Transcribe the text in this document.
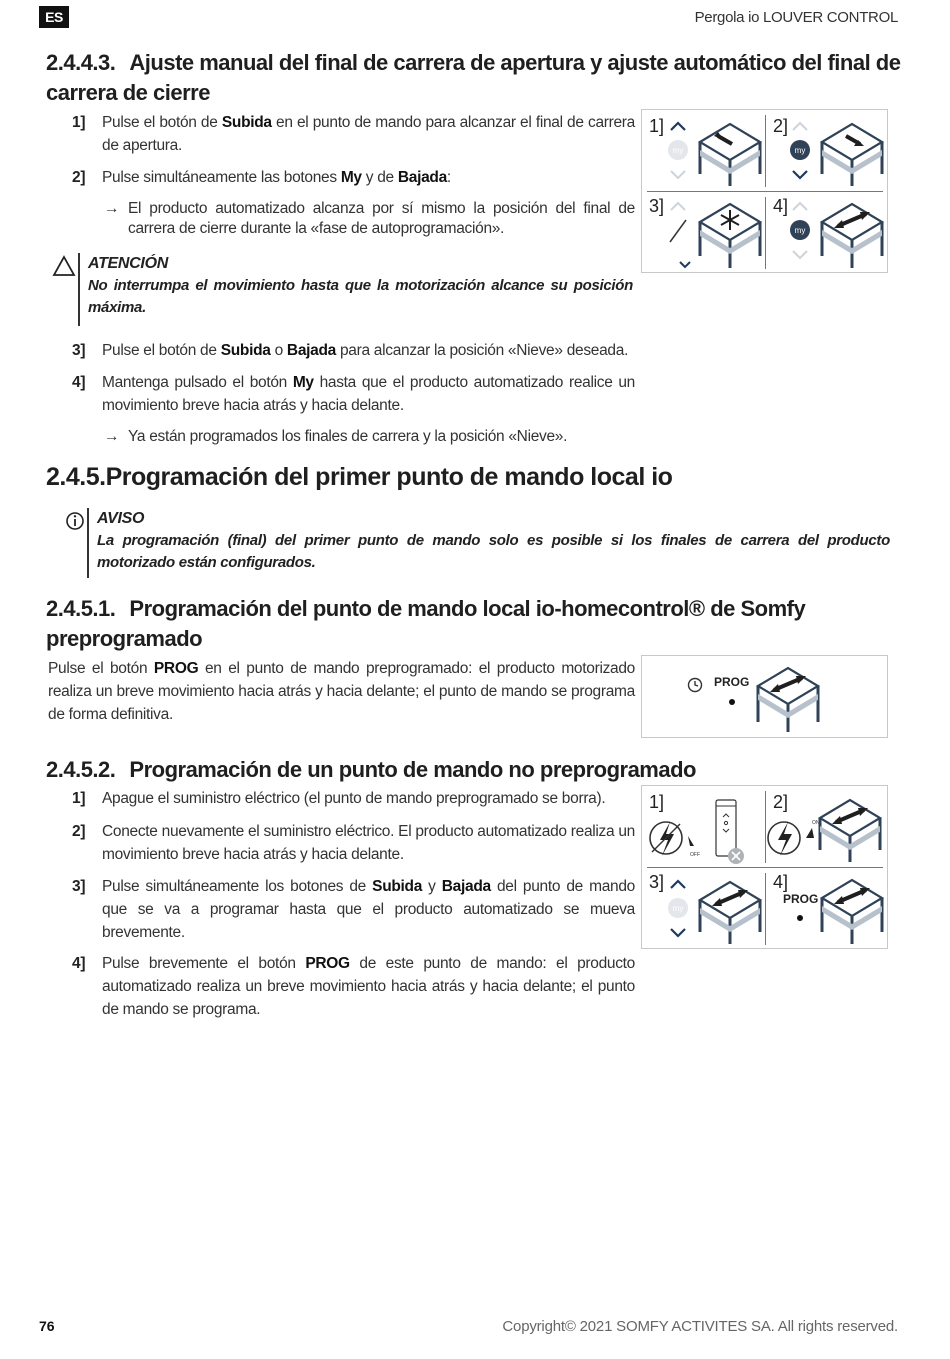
ES	Pergola io LOUVER CONTROL
2.4.4.3. Ajuste manual del final de carrera de apertura y ajuste automático del final de
carrera de cierre
1] Pulse el botón de Subida en el punto de mando para alcanzar el final de carrera de apertura.
2] Pulse simultáneamente las botones My y de Bajada:
→ El producto automatizado alcanza por sí mismo la posición del final de carrera de cierre durante la «fase de autoprogramación».
ATENCIÓN
No interrumpa el movimiento hasta que la motorización alcance su posición máxima.
3] Pulse el botón de Subida o Bajada para alcanzar la posición «Nieve» deseada.
4] Mantenga pulsado el botón My hasta que el producto automatizado realice un movimiento breve hacia atrás y hacia delante.
→ Ya están programados los finales de carrera y la posición «Nieve».
1]	2]
3]	4]
my	my
my
2.4.5.Programación del primer punto de mando local io
AVISO
La programación (final) del primer punto de mando solo es posible si los finales de carrera del producto motorizado están configurados.
2.4.5.1. Programación del punto de mando local io-homecontrol® de Somfy
preprogramado
Pulse el botón PROG en el punto de mando preprogramado: el producto motorizado realiza un breve movimiento hacia atrás y hacia delante; el punto de mando se programa de forma definitiva.
PROG
2.4.5.2. Programación de un punto de mando no preprogramado
1] Apague el suministro eléctrico (el punto de mando preprogramado se borra).
2] Conecte nuevamente el suministro eléctrico. El producto automatizado realiza un movimiento breve hacia atrás y hacia delante.
3] Pulse simultáneamente los botones de Subida y Bajada del punto de mando que se va a programar hasta que el producto automatizado se mueva brevemente.
4] Pulse brevemente el botón PROG de este punto de mando: el producto automatizado realiza un breve movimiento hacia atrás y hacia delante; el punto de mando se programa.
1]	2]
3]	4]
OFF
ON
my
PROG
76	Copyright© 2021 SOMFY ACTIVITES SA. All rights reserved.
